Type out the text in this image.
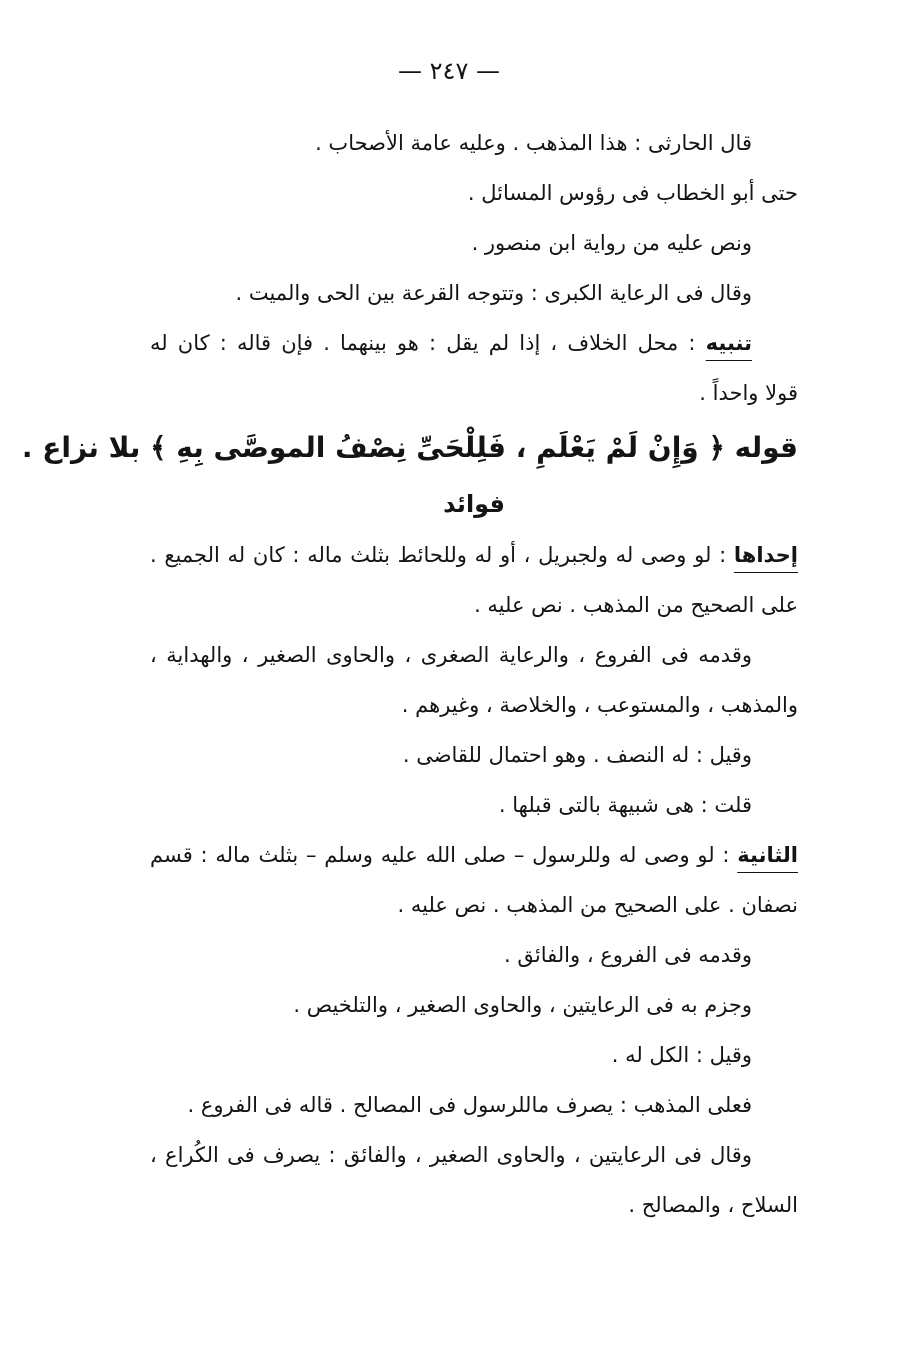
— ٢٤٧ —
قال الحارثى : هذا المذهب . وعليه عامة الأصحاب .
حتى أبو الخطاب فى رؤوس المسائل .
ونص عليه من رواية ابن منصور .
وقال فى الرعاية الكبرى : وتتوجه القرعة بين الحى والميت .
تنبيه : محل الخلاف ، إذا لم يقل : هو بينهما . فإن قاله : كان له
قولا واحداً .
قوله ﴿ وَإِنْ لَمْ يَعْلَمِ ، فَلِلْحَىِّ نِصْفُ الموصَّى بِهِ ﴾ بلا نزاع .
فوائد
إحداها : لو وصى له ولجبريل ، أو له وللحائط بثلث ماله : كان له الجميع .
على الصحيح من المذهب . نص عليه .
وقدمه فى الفروع ، والرعاية الصغرى ، والحاوى الصغير ، والهداية ،
والمذهب ، والمستوعب ، والخلاصة ، وغيرهم .
وقيل : له النصف . وهو احتمال للقاضى .
قلت : هى شبيهة بالتى قبلها .
الثانية : لو وصى له وللرسول – صلى الله عليه وسلم – بثلث ماله : قسم
نصفان . على الصحيح من المذهب . نص عليه .
وقدمه فى الفروع ، والفائق .
وجزم به فى الرعايتين ، والحاوى الصغير ، والتلخيص .
وقيل : الكل له .
فعلى المذهب : يصرف ماللرسول فى المصالح . قاله فى الفروع .
وقال فى الرعايتين ، والحاوى الصغير ، والفائق : يصرف فى الكُراع ،
السلاح ، والمصالح .
